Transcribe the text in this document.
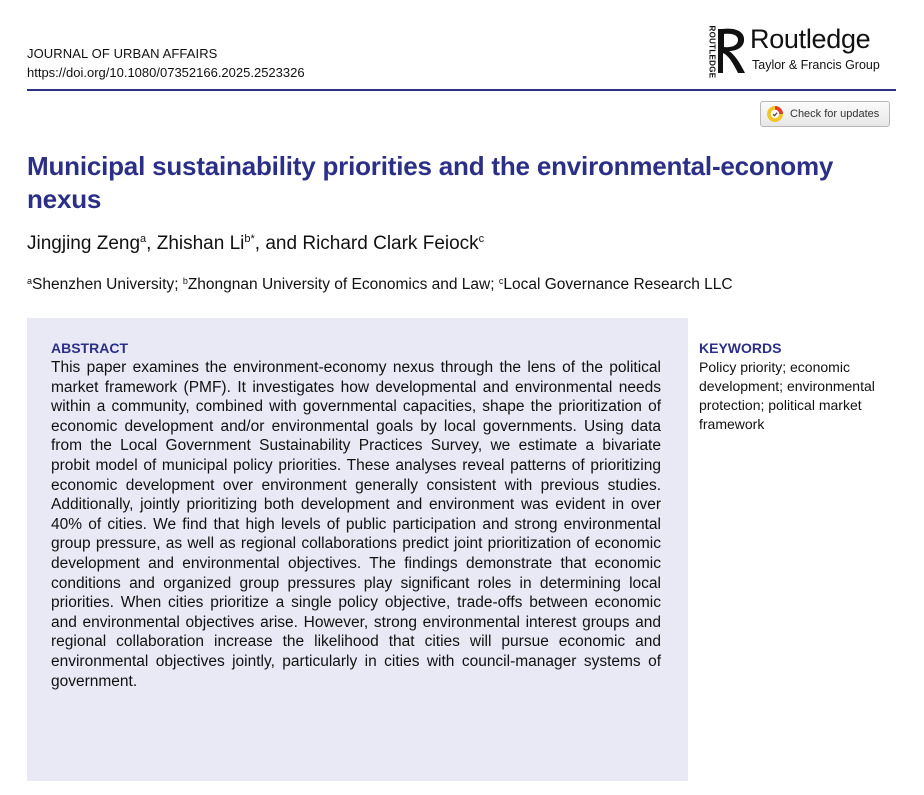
JOURNAL OF URBAN AFFAIRS
https://doi.org/10.1080/07352166.2025.2523326	ROUTLEDGE Routledge
Taylor & Francis Group
Check for updates
Municipal sustainability priorities and the environmental-economy nexus
Jingjing Zeng$^a$, Zhishan $Li^{b*}$, and Richard Clark Feiock$^c$
$^a$Shenzhen University; $^b$Zhongnan University of Economics and Law; $^c$Local Governance Research LLC
ABSTRACT

This paper examines the environment-economy nexus through the lens of the political market framework (PMF). It investigates how developmental and environmental needs within a community, combined with governmental capacities, shape the prioritization of economic development and/or environmental goals by local governments. Using data from the Local Government Sustainability Practices Survey, we estimate a bivariate probit model of municipal policy priorities. These analyses reveal patterns of prioritizing economic development over environment generally consistent with previous studies. Additionally, jointly prioritizing both development and environment was evident in over 40% of cities. We find that high levels of public participation and strong environmental group pressure, as well as regional collaborations predict joint prioritization of economic development and environmental objectives. The findings demonstrate that economic conditions and organized group pressures play significant roles in determining local priorities. When cities prioritize a single policy objective, trade-offs between economic and environmental objectives arise. However, strong environmental interest groups and regional collaboration increase the likelihood that cities will pursue economic and environmental objectives jointly, particularly in cities with council-manager systems of government.

KEYWORDS

Policy priority; economic development; environmental protection; political market framework
